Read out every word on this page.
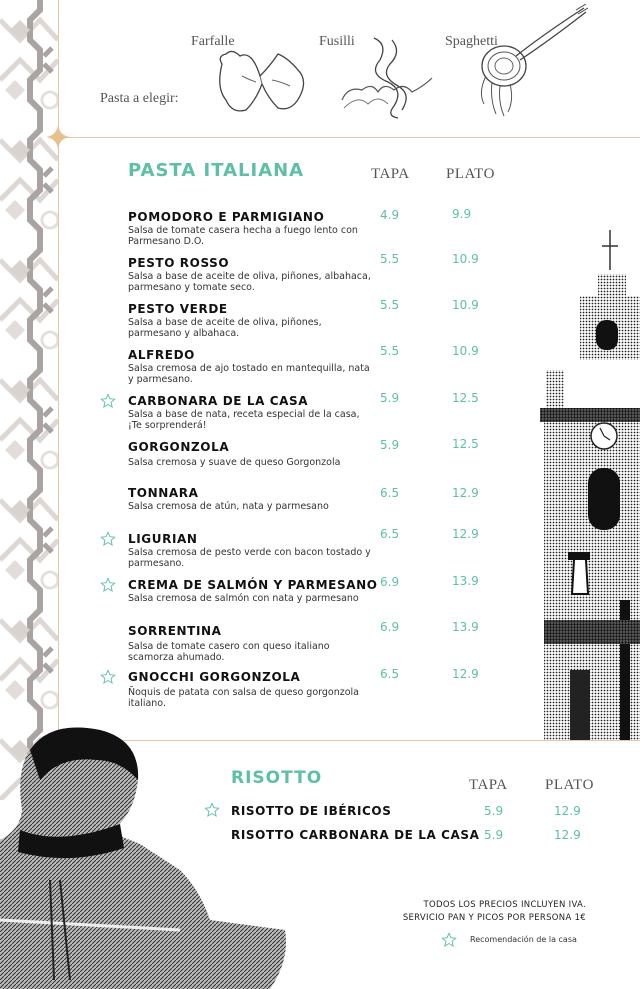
Pasta a elegir:
Farfalle	Fusilli	Spaghetti
PASTA ITALIANA	TAPA PLATO
POMODORO E PARMIGIANO
Salsa de tomate casera hecha a fuego lento con Parmesano D.O.
4.9	9.9
PESTO ROSSO
Salsa a base de aceite de oliva, piñones, albahaca, parmesano y tomate seco.
5.5	10.9
PESTO VERDE
Salsa a base de aceite de oliva, piñones, parmesano y albahaca.
5.5	10.9
ALFREDO
Salsa cremosa de ajo tostado en mantequilla, nata y parmesano.
5.5	10.9
CARBONARA DE LA CASA
Salsa a base de nata, receta especial de la casa, ¡Te sorprenderá!
5.9	12.5
GORGONZOLA
Salsa cremosa y suave de queso Gorgonzola
5.9	12.5
TONNARA
Salsa cremosa de atún, nata y parmesano
6.5	12.9
LIGURIAN
Salsa cremosa de pesto verde con bacon tostado y parmesano.
6.5	12.9
CREMA DE SALMÓN Y PARMESANO
Salsa cremosa de salmón con nata y parmesano
6.9	13.9
SORRENTINA
Salsa de tomate casero con queso italiano scamorza ahumado.
6.9	13.9
GNOCCHI GORGONZOLA
Ñoquis de patata con salsa de queso gorgonzola italiano.
6.5	12.9
RISOTTO	TAPA PLATO
RISOTTO DE IBÉRICOS	5.9	12.9
RISOTTO CARBONARA DE LA CASA 5.9	12.9
TODOS LOS PRECIOS INCLUYEN IVA.
SERVICIO PAN Y PICOS POR PERSONA 1€
Recomendación de la casa
